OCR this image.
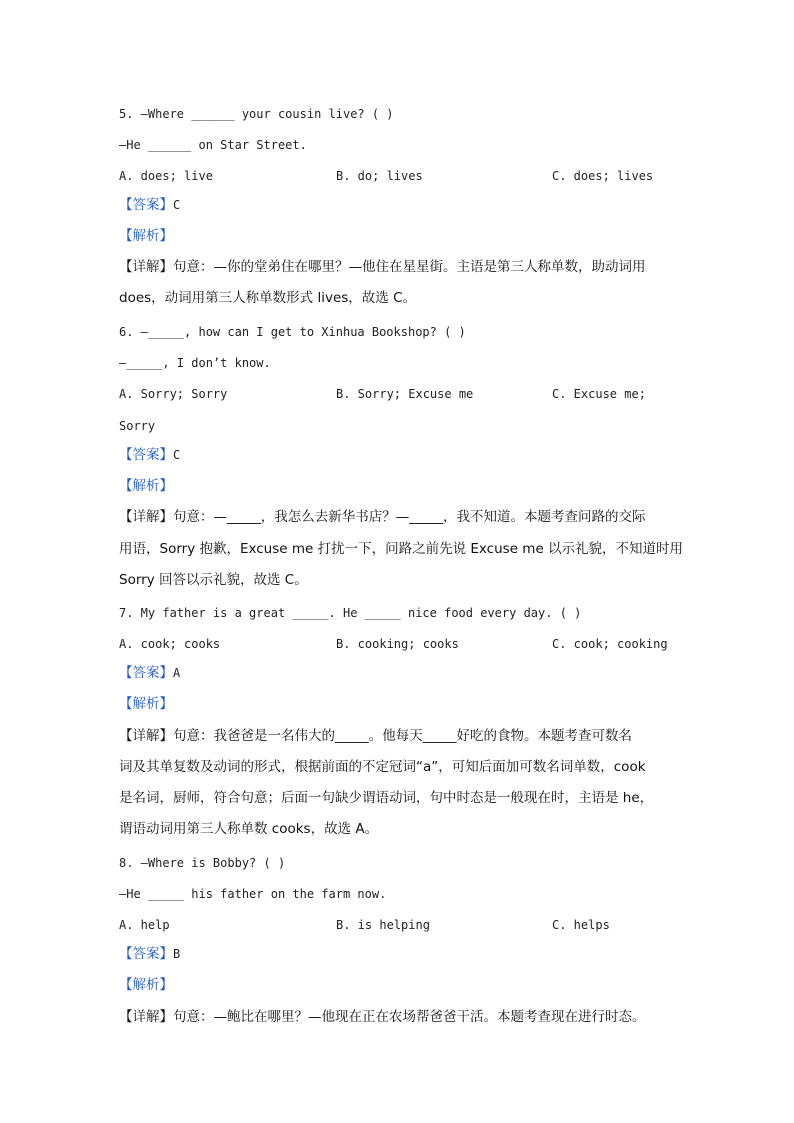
5. —Where ______ your cousin live? ( )
—He ______ on Star Street.
A. does; live	B. do; lives	C. does; lives
【答案】C
【解析】
【详解】句意：—你的堂弟住在哪里？—他住在星星街。主语是第三人称单数，助动词用
does，动词用第三人称单数形式 lives，故选 C。
6. —_____, how can I get to Xinhua Bookshop? ( )
—_____, I don’t know.
A. Sorry; Sorry	B. Sorry; Excuse me	C. Excuse me;
Sorry
【答案】C
【解析】
【详解】句意：—_____，我怎么去新华书店？—_____，我不知道。本题考查问路的交际
用语，Sorry 抱歉，Excuse me 打扰一下，问路之前先说 Excuse me 以示礼貌，不知道时用
Sorry 回答以示礼貌，故选 C。
7. My father is a great _____. He _____ nice food every day. ( )
A. cook; cooks	B. cooking; cooks	C. cook; cooking
【答案】A
【解析】
【详解】句意：我爸爸是一名伟大的_____。他每天_____好吃的食物。本题考查可数名
词及其单复数及动词的形式，根据前面的不定冠词“a”，可知后面加可数名词单数，cook
是名词，厨师，符合句意；后面一句缺少谓语动词，句中时态是一般现在时，主语是 he，
谓语动词用第三人称单数 cooks，故选 A。
8. —Where is Bobby? ( )
—He _____ his father on the farm now.
A. help	B. is helping	C. helps
【答案】B
【解析】
【详解】句意：—鲍比在哪里？—他现在正在农场帮爸爸干活。本题考查现在进行时态。
